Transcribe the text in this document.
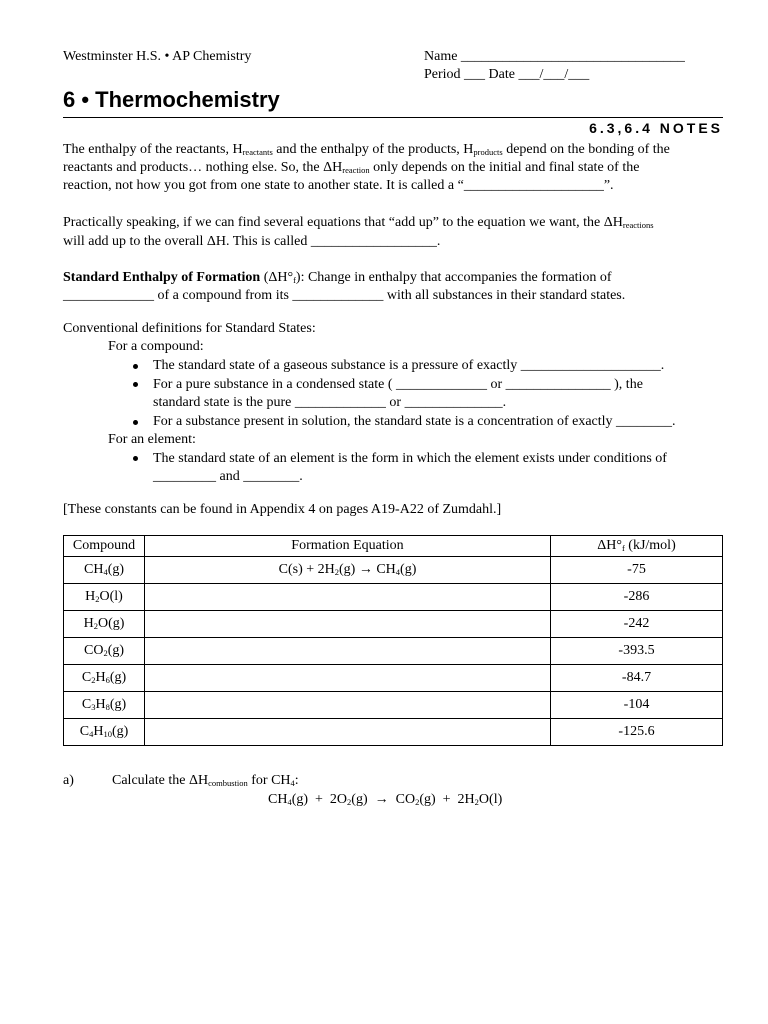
Westminster H.S. • AP Chemistry	Name ________________________________
Period ___ Date ___/___/___
6 • Thermochemistry
6.3,6.4 NOTES
The enthalpy of the reactants, $H_{reactants}$ and the enthalpy of the products, $H_{products}$ depend on the bonding of the
reactants and products… nothing else. So, the $\Delta H_{reaction}$ only depends on the initial and final state of the
reaction, not how you got from one state to another state. It is called a “____________________”.
Practically speaking, if we can find several equations that “add up” to the equation we want, the $\Delta H_{reactions}$
will add up to the overall ΔH. This is called __________________.
Standard Enthalpy of Formation $(\Delta H^\circ_f)$: Change in enthalpy that accompanies the formation of
_____________ of a compound from its _____________ with all substances in their standard states.
Conventional definitions for Standard States:
For a compound:
The standard state of a gaseous substance is a pressure of exactly ____________________.
For a pure substance in a condensed state ( _____________ or _______________ ), the
standard state is the pure _____________ or ______________.
For a substance present in solution, the standard state is a concentration of exactly ________.
For an element:
The standard state of an element is the form in which the element exists under conditions of
_________ and ________.
[These constants can be found in Appendix 4 on pages A19-A22 of Zumdahl.]
Compound	Formation Equation	$\Delta H^\circ_f$ (kJ/mol)
$CH_4(g)$	$C(s) + 2H_2(g) \to CH_4(g)$	-75
$H_2O(l)$		-286
$H_2O(g)$		-242
$CO_2(g)$		-393.5
$C_2H_6(g)$		-84.7
$C_3H_8(g)$		-104
$C_4H_{10}(g)$		-125.6
a)	Calculate the $\Delta H_{combustion}$ for $CH_4$:
$CH_4(g) + 2O_2(g) \to CO_2(g) + 2H_2O(l)$
